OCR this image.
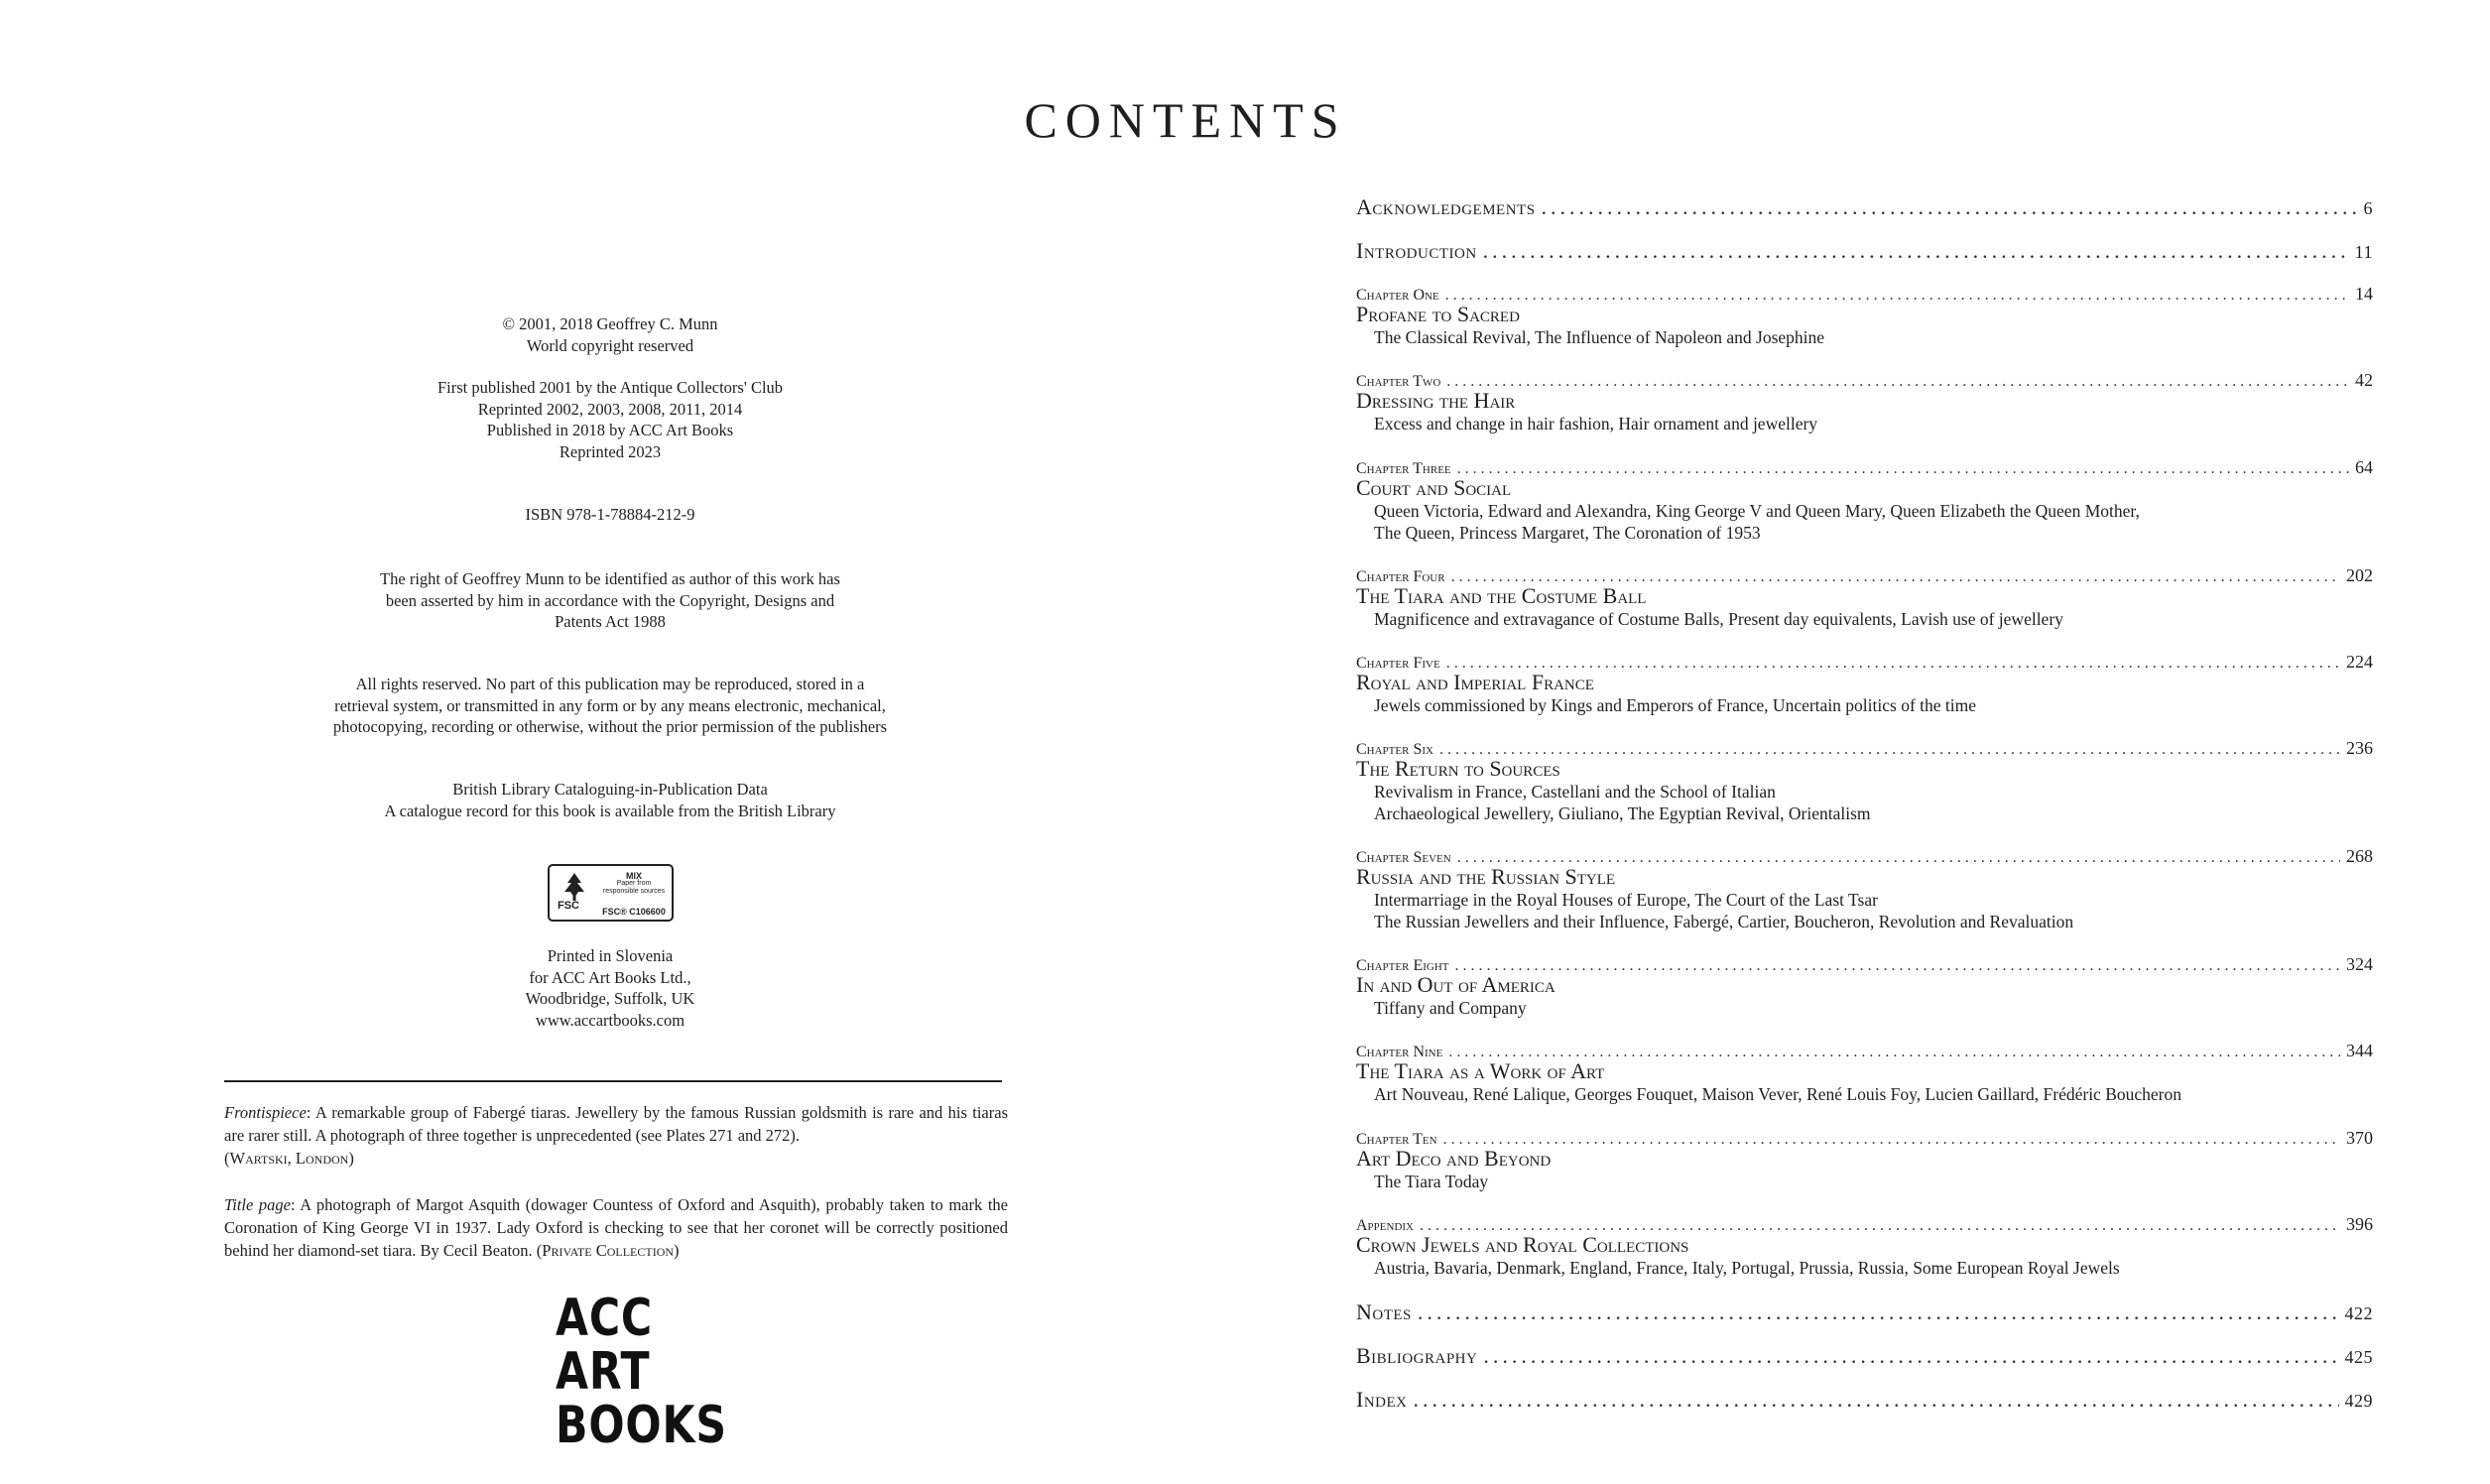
© 2001, 2018 Geoffrey C. Munn
World copyright reserved
First published 2001 by the Antique Collectors' Club
Reprinted 2002, 2003, 2008, 2011, 2014
Published in 2018 by ACC Art Books
Reprinted 2023
ISBN 978-1-78884-212-9
The right of Geoffrey Munn to be identified as author of this work has
been asserted by him in accordance with the Copyright, Designs and
Patents Act 1988
All rights reserved. No part of this publication may be reproduced, stored in a
retrieval system, or transmitted in any form or by any means electronic, mechanical,
photocopying, recording or otherwise, without the prior permission of the publishers
British Library Cataloguing-in-Publication Data
A catalogue record for this book is available from the British Library
FSC
MIX
Paper from
responsible sources
FSC® C106600
Printed in Slovenia
for ACC Art Books Ltd.,
Woodbridge, Suffolk, UK
www.accartbooks.com
Frontispiece: A remarkable group of Fabergé tiaras. Jewellery by the famous Russian goldsmith is rare and his tiaras are rarer still. A photograph of three together is unprecedented (see Plates 271 and 272).
(Wartski, London)
Title page: A photograph of Margot Asquith (dowager Countess of Oxford and Asquith), probably taken to mark the Coronation of King George VI in 1937. Lady Oxford is checking to see that her coronet will be correctly positioned behind her diamond-set tiara. By Cecil Beaton. (Private Collection)
ACC
ART
BOOKS
CONTENTS
Acknowledgements .....	6
Introduction .....	11
Chapter One .....	14
Profane to Sacred
The Classical Revival, The Influence of Napoleon and Josephine
Chapter Two .....	42
Dressing the Hair
Excess and change in hair fashion, Hair ornament and jewellery
Chapter Three .....	64
Court and Social
Queen Victoria, Edward and Alexandra, King George V and Queen Mary, Queen Elizabeth the Queen Mother,
The Queen, Princess Margaret, The Coronation of 1953
Chapter Four .....	202
The Tiara and the Costume Ball
Magnificence and extravagance of Costume Balls, Present day equivalents, Lavish use of jewellery
Chapter Five .....	224
Royal and Imperial France
Jewels commissioned by Kings and Emperors of France, Uncertain politics of the time
Chapter Six .....	236
The Return to Sources
Revivalism in France, Castellani and the School of Italian
Archaeological Jewellery, Giuliano, The Egyptian Revival, Orientalism
Chapter Seven .....	268
Russia and the Russian Style
Intermarriage in the Royal Houses of Europe, The Court of the Last Tsar
The Russian Jewellers and their Influence, Fabergé, Cartier, Boucheron, Revolution and Revaluation
Chapter Eight .....	324
In and Out of America
Tiffany and Company
Chapter Nine .....	344
The Tiara as a Work of Art
Art Nouveau, René Lalique, Georges Fouquet, Maison Vever, René Louis Foy, Lucien Gaillard, Frédéric Boucheron
Chapter Ten .....	370
Art Deco and Beyond
The Tiara Today
Appendix .....	396
Crown Jewels and Royal Collections
Austria, Bavaria, Denmark, England, France, Italy, Portugal, Prussia, Russia, Some European Royal Jewels
Notes .....	422
Bibliography .....	425
Index .....	429
